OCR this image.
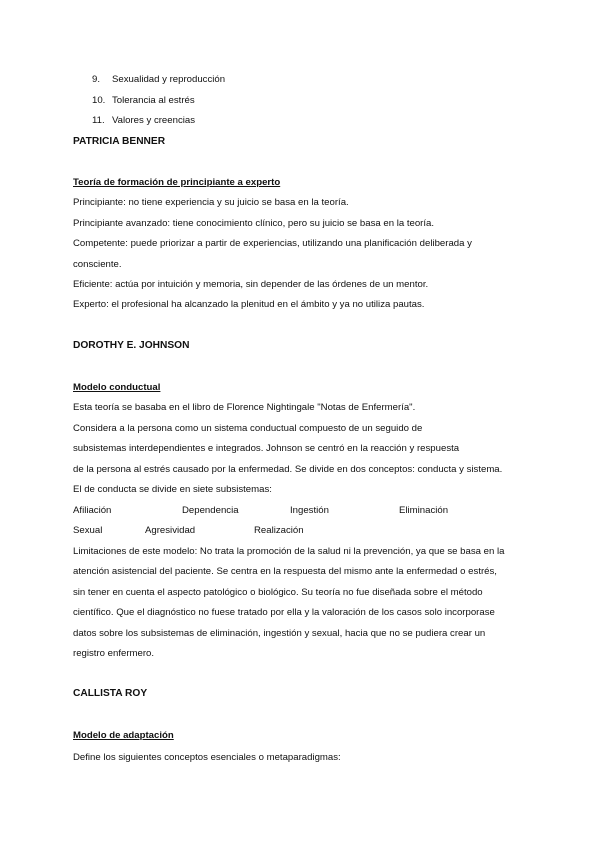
9. Sexualidad y reproducción
10. Tolerancia al estrés
11. Valores y creencias
PATRICIA BENNER
Teoría de formación de principiante a experto
Principiante: no tiene experiencia y su juicio se basa en la teoría.
Principiante avanzado: tiene conocimiento clínico, pero su juicio se basa en la teoría.
Competente: puede priorizar a partir de experiencias, utilizando una planificación deliberada y
consciente.
Eficiente: actúa por intuición y memoria, sin depender de las órdenes de un mentor.
Experto: el profesional ha alcanzado la plenitud en el ámbito y ya no utiliza pautas.
DOROTHY E. JOHNSON
Modelo conductual
Esta teoría se basaba en el libro de Florence Nightingale "Notas de Enfermería".
Considera a la persona como un sistema conductual compuesto de un seguido de
subsistemas interdependientes e integrados. Johnson se centró en la reacción y respuesta
de la persona al estrés causado por la enfermedad. Se divide en dos conceptos: conducta y sistema.
El de conducta se divide en siete subsistemas:
Afiliación	Dependencia	Ingestión	Eliminación
Sexual	Agresividad	Realización
Limitaciones de este modelo: No trata la promoción de la salud ni la prevención, ya que se basa en la
atención asistencial del paciente. Se centra en la respuesta del mismo ante la enfermedad o estrés,
sin tener en cuenta el aspecto patológico o biológico. Su teoría no fue diseñada sobre el método
científico. Que el diagnóstico no fuese tratado por ella y la valoración de los casos solo incorporase
datos sobre los subsistemas de eliminación, ingestión y sexual, hacia que no se pudiera crear un
registro enfermero.
CALLISTA ROY
Modelo de adaptación
Define los siguientes conceptos esenciales o metaparadigmas:
